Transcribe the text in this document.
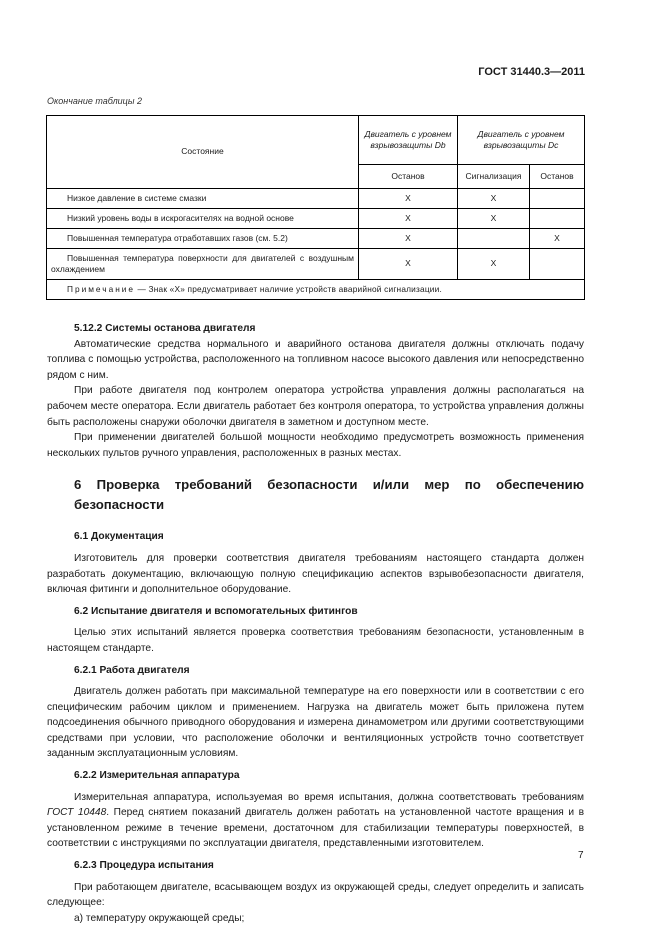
ГОСТ 31440.3—2011
Окончание таблицы 2
Состояние	Двигатель с уровнем взрывозащиты Db	Двигатель с уровнем взрывозащиты Dc	
	Останов	Сигнализация	Останов
Низкое давление в системе смазки	X	X	
Низкий уровень воды в искрогасителях на водной основе	X	X	
Повышенная температура отработавших газов (см. 5.2)	X		X
Повышенная температура поверхности для двигателей с воздушным охлаждением	X	X	
Примечание — Знак «X» предусматривает наличие устройств аварийной сигнализации.			

5.12.2 Системы останова двигателя

Автоматические средства нормального и аварийного останова двигателя должны отключать подачу топлива с помощью устройства, расположенного на топливном насосе высокого давления или непосредственно рядом с ним.

При работе двигателя под контролем оператора устройства управления должны располагаться на рабочем месте оператора. Если двигатель работает без контроля оператора, то устройства управления должны быть расположены снаружи оболочки двигателя в заметном и доступном месте.

При применении двигателей большой мощности необходимо предусмотреть возможность применения нескольких пультов ручного управления, расположенных в разных местах.

6 Проверка требований безопасности и/или мер по обеспечению безопасности

6.1 Документация

Изготовитель для проверки соответствия двигателя требованиям настоящего стандарта должен разработать документацию, включающую полную спецификацию аспектов взрывобезопасности двигателя, включая фитинги и дополнительное оборудование.

6.2 Испытание двигателя и вспомогательных фитингов

Целью этих испытаний является проверка соответствия требованиям безопасности, установленным в настоящем стандарте.

6.2.1 Работа двигателя

Двигатель должен работать при максимальной температуре на его поверхности или в соответствии с его специфическим рабочим циклом и применением. Нагрузка на двигатель может быть приложена путем подсоединения обычного приводного оборудования и измерена динамометром или другими соответствующими средствами при условии, что расположение оболочки и вентиляционных устройств точно соответствует заданным эксплуатационным условиям.

6.2.2 Измерительная аппаратура

Измерительная аппаратура, используемая во время испытания, должна соответствовать требованиям ГОСТ 10448. Перед снятием показаний двигатель должен работать на установленной частоте вращения и в установленном режиме в течение времени, достаточном для стабилизации температуры поверхностей, в соответствии с инструкциями по эксплуатации двигателя, представленными изготовителем.

6.2.3 Процедура испытания

При работающем двигателе, всасывающем воздух из окружающей среды, следует определить и записать следующее:

а) температуру окружающей среды;

7
